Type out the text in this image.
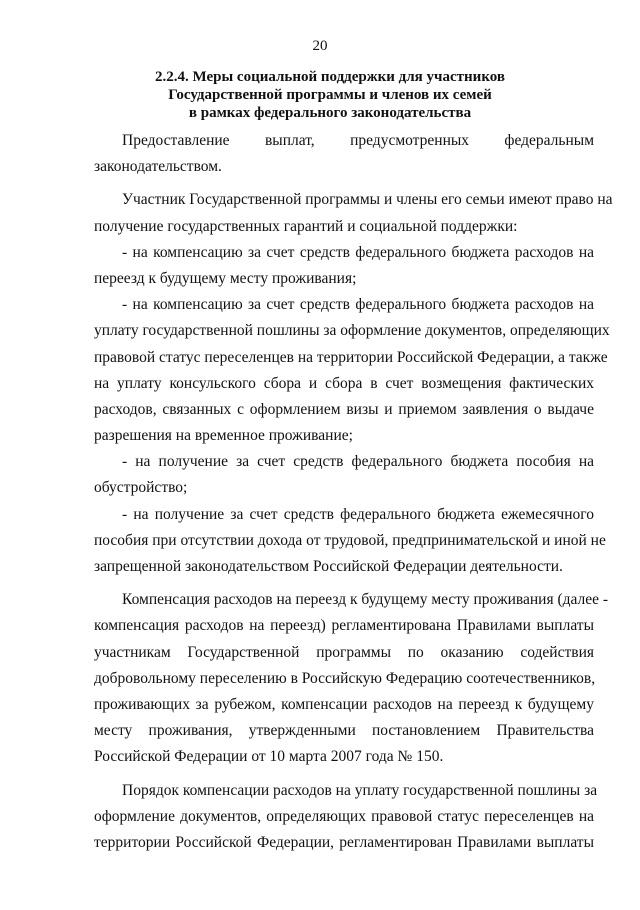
20
2.2.4. Меры социальной поддержки для участников
Государственной программы и членов их семей
в рамках федерального законодательства
Предоставление выплат, предусмотренных федеральным
законодательством.
Участник Государственной программы и члены его семьи имеют право на
получение государственных гарантий и социальной поддержки:
- на компенсацию за счет средств федерального бюджета расходов на
переезд к будущему месту проживания;
- на компенсацию за счет средств федерального бюджета расходов на
уплату государственной пошлины за оформление документов, определяющих
правовой статус переселенцев на территории Российской Федерации, а также
на уплату консульского сбора и сбора в счет возмещения фактических
расходов, связанных с оформлением визы и приемом заявления о выдаче
разрешения на временное проживание;
- на получение за счет средств федерального бюджета пособия на
обустройство;
- на получение за счет средств федерального бюджета ежемесячного
пособия при отсутствии дохода от трудовой, предпринимательской и иной не
запрещенной законодательством Российской Федерации деятельности.
Компенсация расходов на переезд к будущему месту проживания (далее -
компенсация расходов на переезд) регламентирована Правилами выплаты
участникам Государственной программы по оказанию содействия
добровольному переселению в Российскую Федерацию соотечественников,
проживающих за рубежом, компенсации расходов на переезд к будущему
месту проживания, утвержденными постановлением Правительства
Российской Федерации от 10 марта 2007 года № 150.
Порядок компенсации расходов на уплату государственной пошлины за
оформление документов, определяющих правовой статус переселенцев на
территории Российской Федерации, регламентирован Правилами выплаты
